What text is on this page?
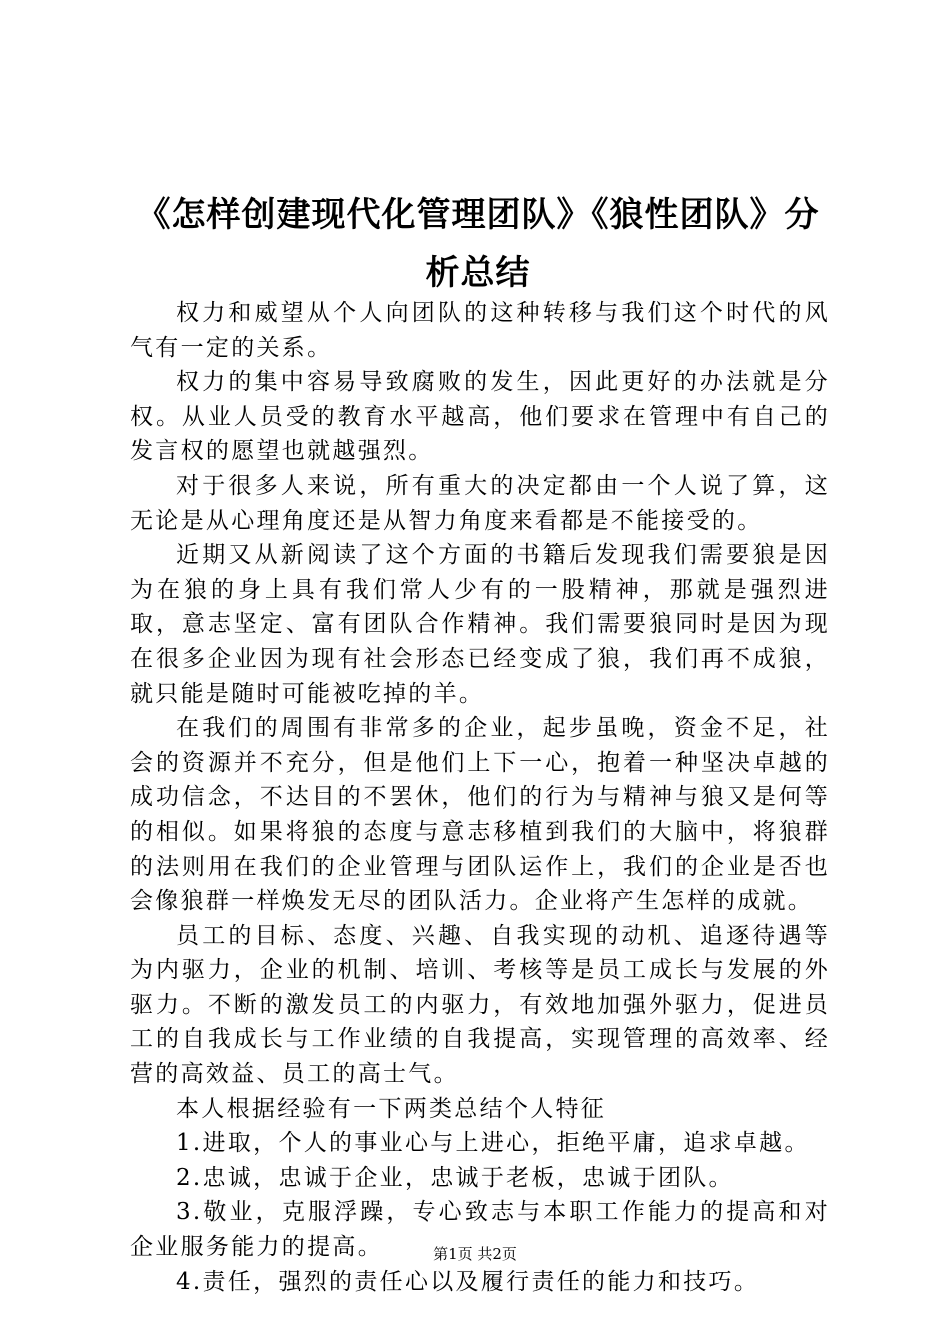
《怎样创建现代化管理团队》《狼性团队》分析总结

权力和威望从个人向团队的这种转移与我们这个时代的风气有一定的关系。

权力的集中容易导致腐败的发生，因此更好的办法就是分权。从业人员受的教育水平越高，他们要求在管理中有自己的发言权的愿望也就越强烈。

对于很多人来说，所有重大的决定都由一个人说了算，这无论是从心理角度还是从智力角度来看都是不能接受的。

近期又从新阅读了这个方面的书籍后发现我们需要狼是因为在狼的身上具有我们常人少有的一股精神，那就是强烈进取，意志坚定、富有团队合作精神。我们需要狼同时是因为现在很多企业因为现有社会形态已经变成了狼，我们再不成狼，就只能是随时可能被吃掉的羊。

在我们的周围有非常多的企业，起步虽晚，资金不足，社会的资源并不充分，但是他们上下一心，抱着一种坚决卓越的成功信念，不达目的不罢休，他们的行为与精神与狼又是何等的相似。如果将狼的态度与意志移植到我们的大脑中，将狼群的法则用在我们的企业管理与团队运作上，我们的企业是否也会像狼群一样焕发无尽的团队活力。企业将产生怎样的成就。

员工的目标、态度、兴趣、自我实现的动机、追逐待遇等为内驱力，企业的机制、培训、考核等是员工成长与发展的外驱力。不断的激发员工的内驱力，有效地加强外驱力，促进员工的自我成长与工作业绩的自我提高，实现管理的高效率、经营的高效益、员工的高士气。

本人根据经验有一下两类总结个人特征

1.进取，个人的事业心与上进心，拒绝平庸，追求卓越。

2.忠诚，忠诚于企业，忠诚于老板，忠诚于团队。

3.敬业，克服浮躁，专心致志与本职工作能力的提高和对企业服务能力的提高。

4.责任，强烈的责任心以及履行责任的能力和技巧。

第1页 共2页
